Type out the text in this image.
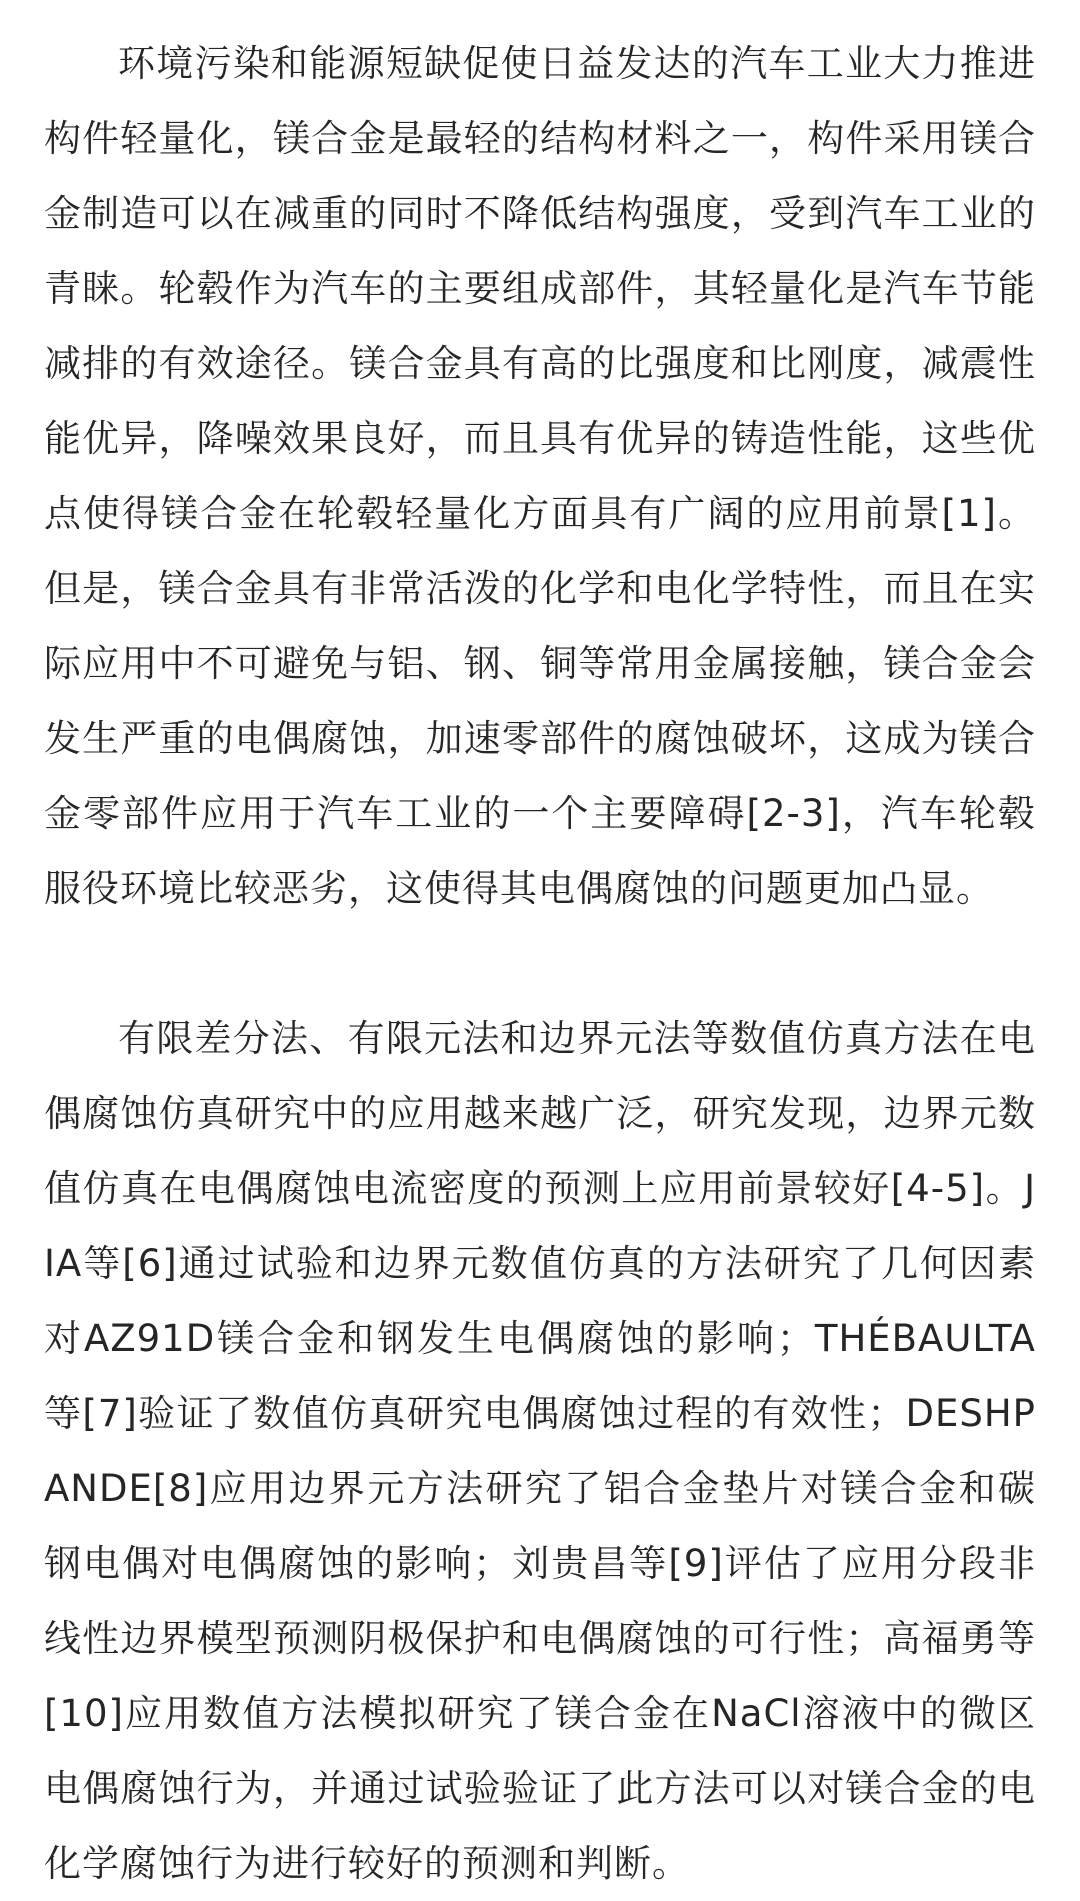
环境污染和能源短缺促使日益发达的汽车工业大力推进构件轻量化，镁合金是最轻的结构材料之一，构件采用镁合金制造可以在减重的同时不降低结构强度，受到汽车工业的青睐。轮毂作为汽车的主要组成部件，其轻量化是汽车节能减排的有效途径。镁合金具有高的比强度和比刚度，减震性能优异，降噪效果良好，而且具有优异的铸造性能，这些优点使得镁合金在轮毂轻量化方面具有广阔的应用前景[1]。但是，镁合金具有非常活泼的化学和电化学特性，而且在实际应用中不可避免与铝、钢、铜等常用金属接触，镁合金会发生严重的电偶腐蚀，加速零部件的腐蚀破坏，这成为镁合金零部件应用于汽车工业的一个主要障碍[2-3]，汽车轮毂服役环境比较恶劣，这使得其电偶腐蚀的问题更加凸显。

有限差分法、有限元法和边界元法等数值仿真方法在电偶腐蚀仿真研究中的应用越来越广泛，研究发现，边界元数值仿真在电偶腐蚀电流密度的预测上应用前景较好[4-5]。JIA等[6]通过试验和边界元数值仿真的方法研究了几何因素对AZ91D镁合金和钢发生电偶腐蚀的影响；THÉBAULTA等[7]验证了数值仿真研究电偶腐蚀过程的有效性；DESHPANDE[8]应用边界元方法研究了铝合金垫片对镁合金和碳钢电偶对电偶腐蚀的影响；刘贵昌等[9]评估了应用分段非线性边界模型预测阴极保护和电偶腐蚀的可行性；高福勇等[10]应用数值方法模拟研究了镁合金在NaCl溶液中的微区电偶腐蚀行为，并通过试验验证了此方法可以对镁合金的电化学腐蚀行为进行较好的预测和判断。
